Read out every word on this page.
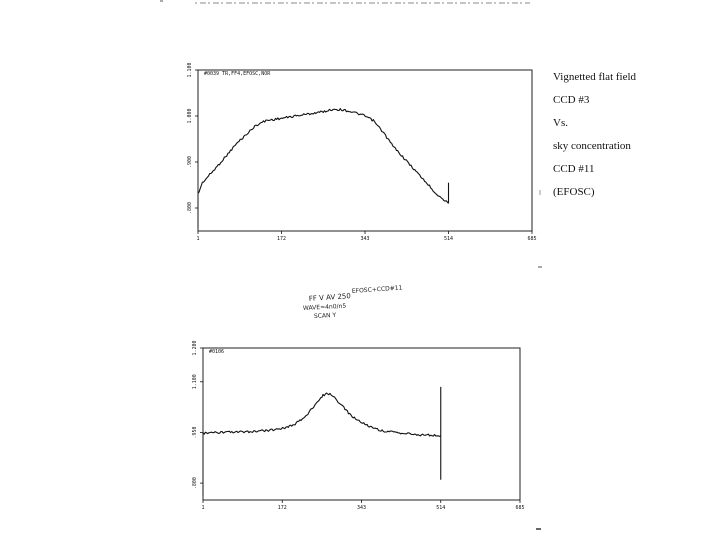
#0039 TR,FF4,EFOSC,NOR
1	172	343	514	685
.800
.900
1.000
1.100
#0106
1	172	343	514	685
.800
.950
1.100
1.200
FF V AV 250
EFOSC+CCD#11
WAVE=4n0/n5
SCAN Y
Vignetted flat field
CCD #3
Vs.
sky concentration
CCD #11
(EFOSC)
